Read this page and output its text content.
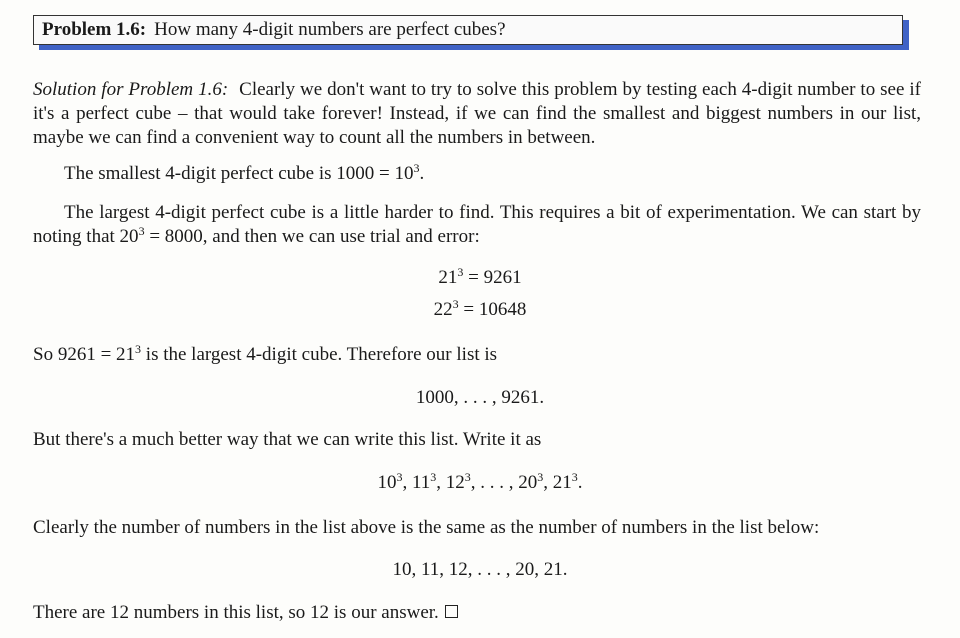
Problem 1.6: How many 4-digit numbers are perfect cubes?
Solution for Problem 1.6: Clearly we don't want to try to solve this problem by testing each 4-digit number to see if it's a perfect cube – that would take forever! Instead, if we can find the smallest and biggest numbers in our list, maybe we can find a convenient way to count all the numbers in between.
The smallest 4-digit perfect cube is $1000 = 10^3$.
The largest 4-digit perfect cube is a little harder to find. This requires a bit of experimentation. We can start by noting that $20^3 = 8000$, and then we can use trial and error:
$21^3 = 9261$
$22^3 = 10648$
So $9261 = 21^3$ is the largest 4-digit cube. Therefore our list is
1000, . . . , 9261.
But there's a much better way that we can write this list. Write it as
$10^3$, $11^3$, $12^3$, . . . , $20^3$, $21^3$.
Clearly the number of numbers in the list above is the same as the number of numbers in the list below:
10, 11, 12, . . . , 20, 21.
There are 12 numbers in this list, so 12 is our answer.
